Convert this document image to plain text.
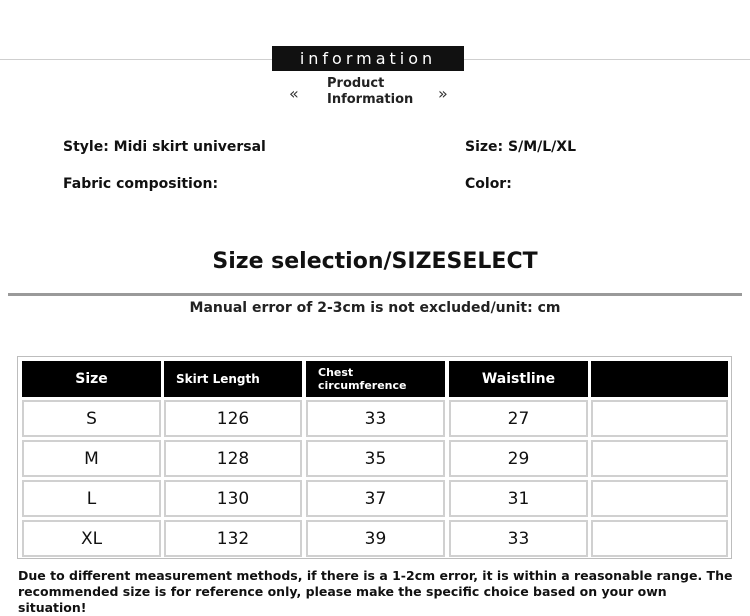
information
«
Product
Information	»
Style: Midi skirt universal	Size: S/M/L/XL
Fabric composition:	Color:
Size selection/SIZESELECT
Manual error of 2-3cm is not excluded/unit: cm
Size	Skirt Length	Chest circumference	Waistline
S	126	33	27
M	128	35	29
L	130	37	31
XL	132	39	33
Due to different measurement methods, if there is a 1-2cm error, it is within a reasonable range. The recommended size is for reference only, please make the specific choice based on your own situation!
